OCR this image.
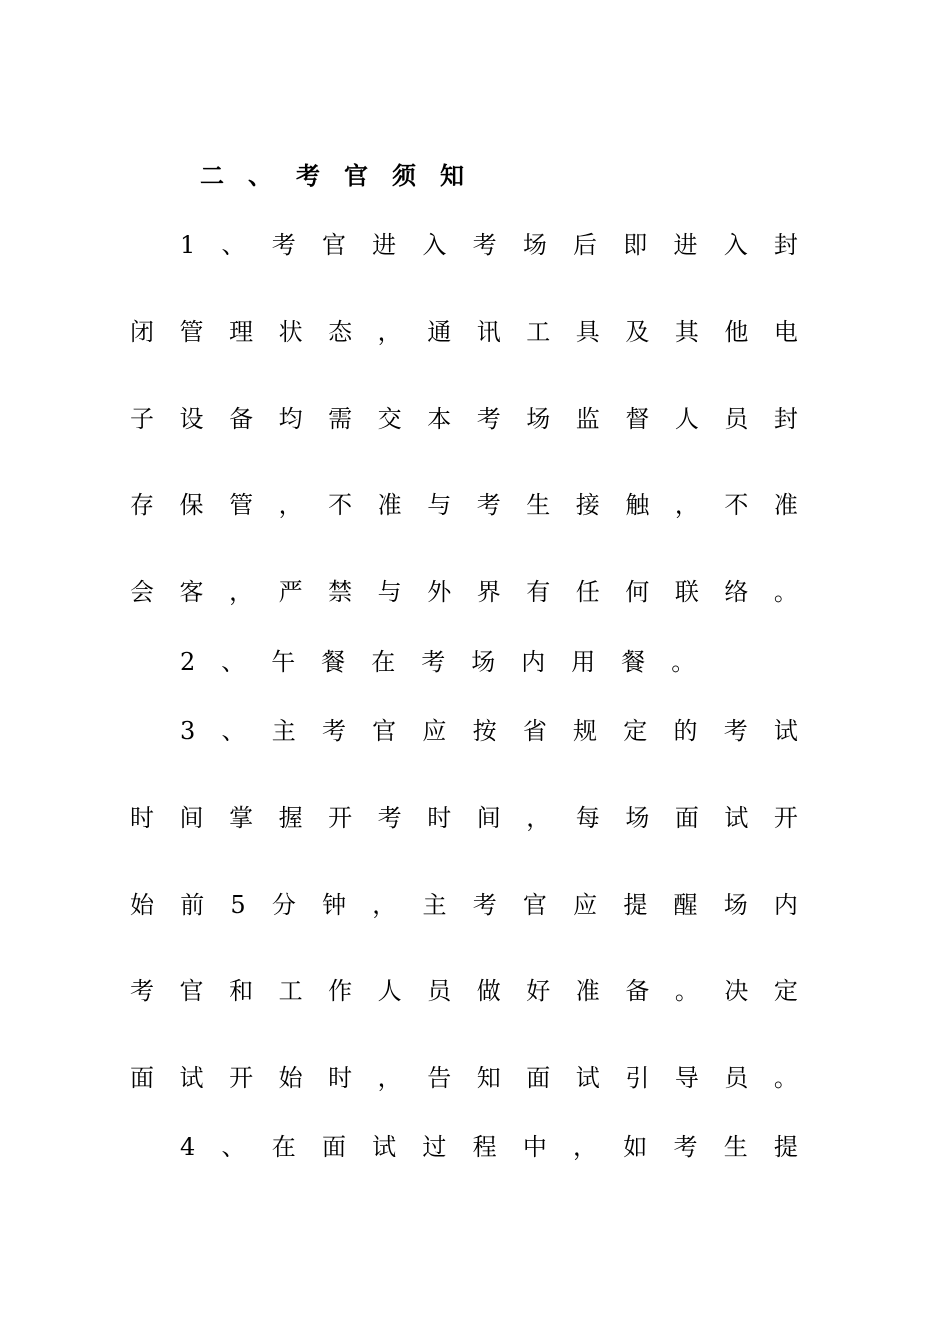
二 、 考 官 须 知
1 、 考 官 进 入 考 场 后 即 进 入 封
闭 管 理 状 态 ， 通 讯 工 具 及 其 他 电
子 设 备 均 需 交 本 考 场 监 督 人 员 封
存 保 管 ， 不 准 与 考 生 接 触 ， 不 准
会 客 ， 严 禁 与 外 界 有 任 何 联 络 。
2 、 午 餐 在 考 场 内 用 餐 。
3 、 主 考 官 应 按 省 规 定 的 考 试
时 间 掌 握 开 考 时 间 ， 每 场 面 试 开
始 前 5 分 钟 ， 主 考 官 应 提 醒 场 内
考 官 和 工 作 人 员 做 好 准 备 。 决 定
面 试 开 始 时 ， 告 知 面 试 引 导 员 。
4 、 在 面 试 过 程 中 ， 如 考 生 提
